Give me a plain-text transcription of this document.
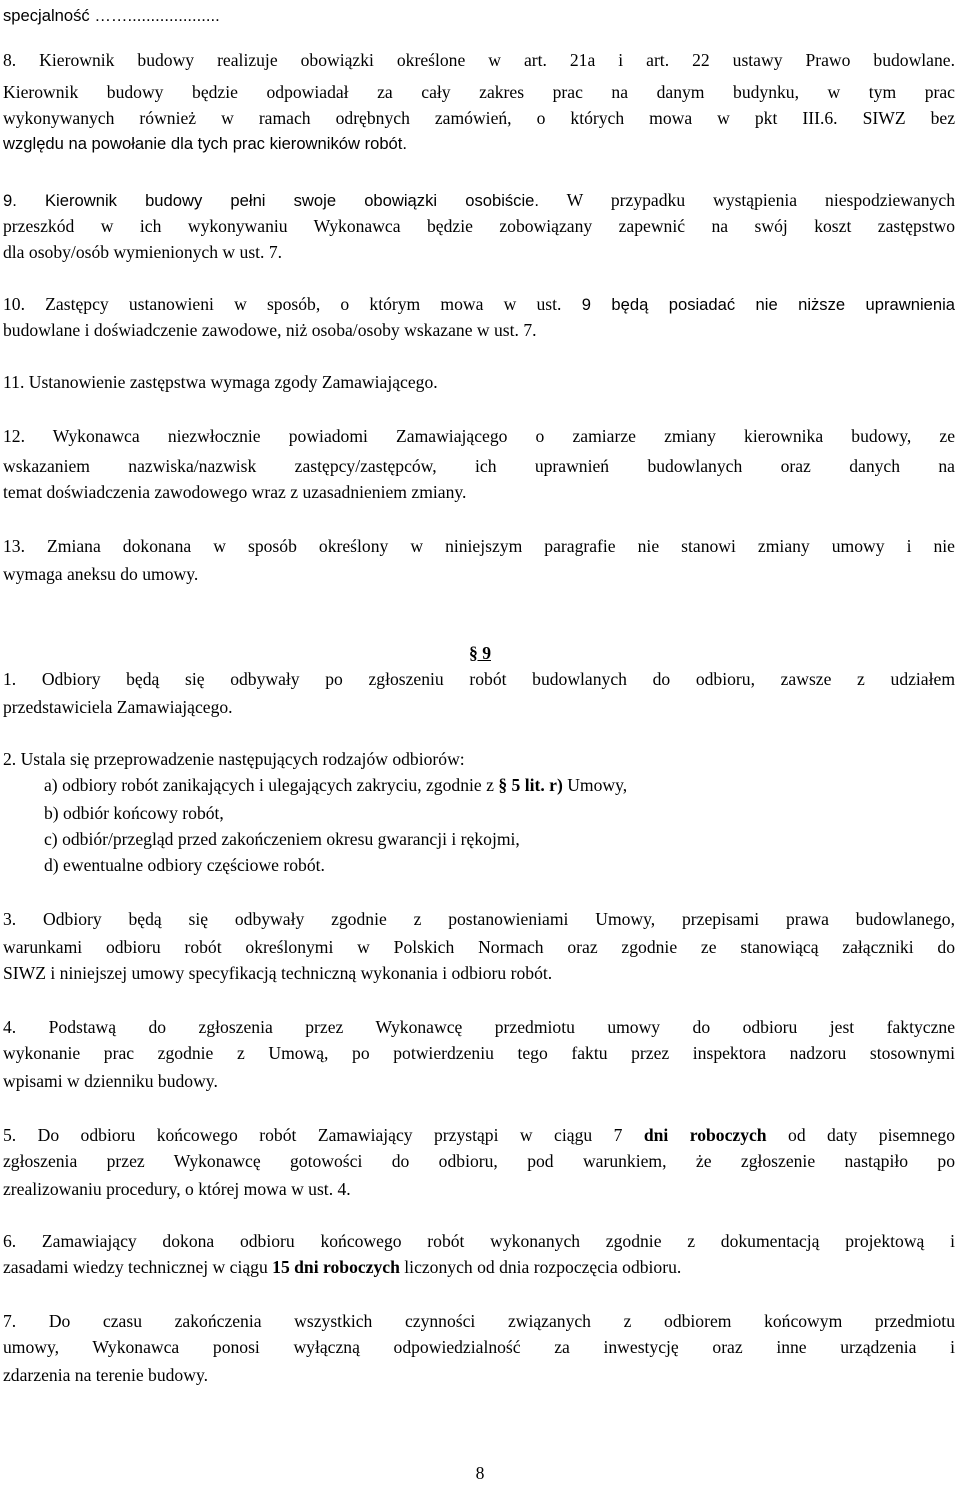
specjalność ……....................
8. Kierownik budowy realizuje obowiązki określone w art. 21a i art. 22 ustawy Prawo budowlane.
Kierownik budowy będzie odpowiadał za cały zakres prac na danym budynku, w tym prac
wykonywanych również w ramach odrębnych zamówień, o których mowa w pkt III.6. SIWZ bez
względu na powołanie dla tych prac kierowników robót.
9. Kierownik budowy pełni swoje obowiązki osobiście. W przypadku wystąpienia niespodziewanych
przeszkód w ich wykonywaniu Wykonawca będzie zobowiązany zapewnić na swój koszt zastępstwo
dla osoby/osób wymienionych w ust. 7.
10. Zastępcy ustanowieni w sposób, o którym mowa w ust. 9 będą posiadać nie niższe uprawnienia
budowlane i doświadczenie zawodowe, niż osoba/osoby wskazane w ust. 7.
11. Ustanowienie zastępstwa wymaga zgody Zamawiającego.
12. Wykonawca niezwłocznie powiadomi Zamawiającego o zamiarze zmiany kierownika budowy, ze
wskazaniem nazwiska/nazwisk zastępcy/zastępców, ich uprawnień budowlanych oraz danych na
temat doświadczenia zawodowego wraz z uzasadnieniem zmiany.
13. Zmiana dokonana w sposób określony w niniejszym paragrafie nie stanowi zmiany umowy i nie
wymaga aneksu do umowy.
§ 9
1. Odbiory będą się odbywały po zgłoszeniu robót budowlanych do odbioru, zawsze z udziałem
przedstawiciela Zamawiającego.
2. Ustala się przeprowadzenie następujących rodzajów odbiorów:
a) odbiory robót zanikających i ulegających zakryciu, zgodnie z § 5 lit. r) Umowy,
b) odbiór końcowy robót,
c) odbiór/przegląd przed zakończeniem okresu gwarancji i rękojmi,
d) ewentualne odbiory częściowe robót.
3. Odbiory będą się odbywały zgodnie z postanowieniami Umowy, przepisami prawa budowlanego,
warunkami odbioru robót określonymi w Polskich Normach oraz zgodnie ze stanowiącą załączniki do
SIWZ i niniejszej umowy specyfikacją techniczną wykonania i odbioru robót.
4. Podstawą do zgłoszenia przez Wykonawcę przedmiotu umowy do odbioru jest faktyczne
wykonanie prac zgodnie z Umową, po potwierdzeniu tego faktu przez inspektora nadzoru stosownymi
wpisami w dzienniku budowy.
5. Do odbioru końcowego robót Zamawiający przystąpi w ciągu 7 dni roboczych od daty pisemnego
zgłoszenia przez Wykonawcę gotowości do odbioru, pod warunkiem, że zgłoszenie nastąpiło po
zrealizowaniu procedury, o której mowa w ust. 4.
6. Zamawiający dokona odbioru końcowego robót wykonanych zgodnie z dokumentacją projektową i
zasadami wiedzy technicznej w ciągu 15 dni roboczych liczonych od dnia rozpoczęcia odbioru.
7. Do czasu zakończenia wszystkich czynności związanych z odbiorem końcowym przedmiotu
umowy, Wykonawca ponosi wyłączną odpowiedzialność za inwestycję oraz inne urządzenia i
zdarzenia na terenie budowy.
8
